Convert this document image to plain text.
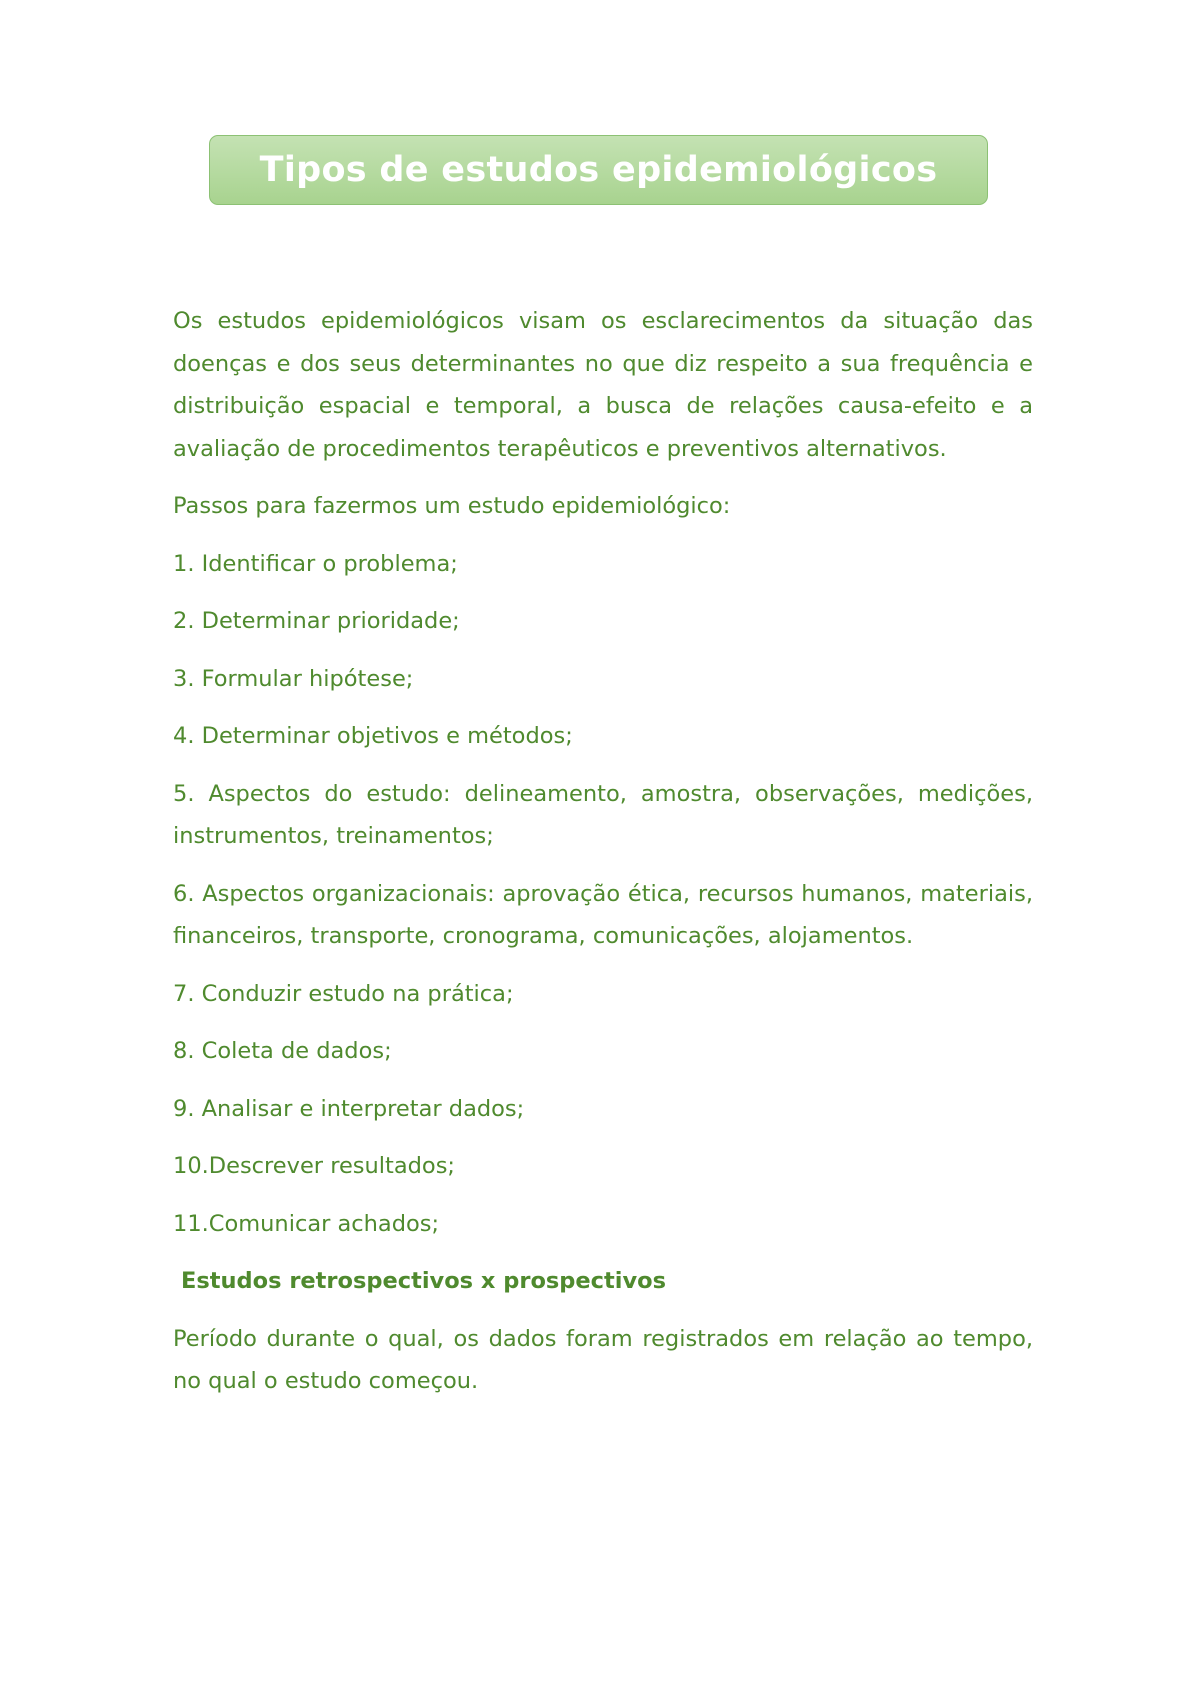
Tipos de estudos epidemiológicos

Os estudos epidemiológicos visam os esclarecimentos da situação das doenças e dos seus determinantes no que diz respeito a sua frequência e distribuição espacial e temporal, a busca de relações causa-efeito e a avaliação de procedimentos terapêuticos e preventivos alternativos.

Passos para fazermos um estudo epidemiológico:

1. Identificar o problema;

2. Determinar prioridade;

3. Formular hipótese;

4. Determinar objetivos e métodos;

5. Aspectos do estudo: delineamento, amostra, observações, medições, instrumentos, treinamentos;

6. Aspectos organizacionais: aprovação ética, recursos humanos, materiais, financeiros, transporte, cronograma, comunicações, alojamentos.

7. Conduzir estudo na prática;

8. Coleta de dados;

9. Analisar e interpretar dados;

10.Descrever resultados;

11.Comunicar achados;

Estudos retrospectivos x prospectivos

Período durante o qual, os dados foram registrados em relação ao tempo, no qual o estudo começou.
